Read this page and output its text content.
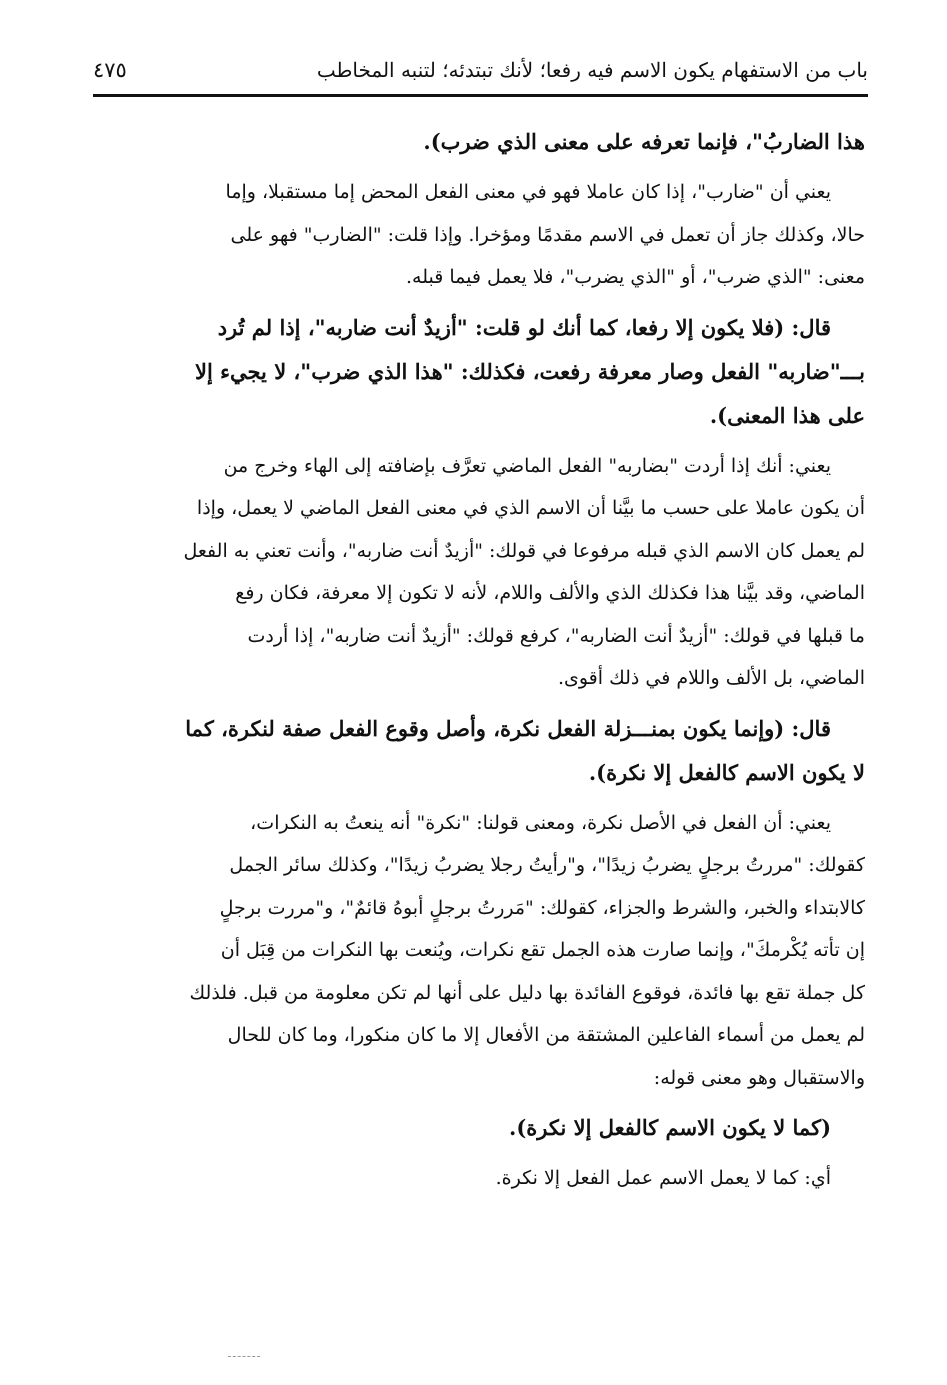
باب من الاستفهام يكون الاسم فيه رفعا؛ لأنك تبتدئه؛ لتنبه المخاطب
٤٧٥
هذا الضاربُ"، فإنما تعرفه على معنى الذي ضرب).
يعني أن "ضارب"، إذا كان عاملا فهو في معنى الفعل المحض إما مستقبلا، وإما
حالا، وكذلك جاز أن تعمل في الاسم مقدمًا ومؤخرا. وإذا قلت: "الضارب" فهو على
معنى: "الذي ضرب"، أو "الذي يضرب"، فلا يعمل فيما قبله.
قال: (فلا يكون إلا رفعا، كما أنك لو قلت: "أزيدٌ أنت ضاربه"، إذا لم تُرد
بـــ"ضاربه" الفعل وصار معرفة رفعت، فكذلك: "هذا الذي ضرب"، لا يجيء إلا
على هذا المعنى).
يعني: أنك إذا أردت "بضاربه" الفعل الماضي تعرَّف بإضافته إلى الهاء وخرج من
أن يكون عاملا على حسب ما بيَّنا أن الاسم الذي في معنى الفعل الماضي لا يعمل، وإذا
لم يعمل كان الاسم الذي قبله مرفوعا في قولك: "أزيدٌ أنت ضاربه"، وأنت تعني به الفعل
الماضي، وقد بيَّنا هذا فكذلك الذي والألف واللام، لأنه لا تكون إلا معرفة، فكان رفع
ما قبلها في قولك: "أزيدٌ أنت الضاربه"، كرفع قولك: "أزيدٌ أنت ضاربه"، إذا أردت
الماضي، بل الألف واللام في ذلك أقوى.
قال: (وإنما يكون بمنـــزلة الفعل نكرة، وأصل وقوع الفعل صفة لنكرة، كما
لا يكون الاسم كالفعل إلا نكرة).
يعني: أن الفعل في الأصل نكرة، ومعنى قولنا: "نكرة" أنه ينعتُ به النكرات،
كقولك: "مررتُ برجلٍ يضربُ زيدًا"، و"رأيتُ رجلا يضربُ زيدًا"، وكذلك سائر الجمل
كالابتداء والخبر، والشرط والجزاء، كقولك: "مَررتُ برجلٍ أبوهُ قائمٌ"، و"مررت برجلٍ
إن تأته يُكْرمكَ"، وإنما صارت هذه الجمل تقع نكرات، ويُنعت بها النكرات من قِبَل أن
كل جملة تقع بها فائدة، فوقوع الفائدة بها دليل على أنها لم تكن معلومة من قبل. فلذلك
لم يعمل من أسماء الفاعلين المشتقة من الأفعال إلا ما كان منكورا، وما كان للحال
والاستقبال وهو معنى قوله:
(كما لا يكون الاسم كالفعل إلا نكرة).
أي: كما لا يعمل الاسم عمل الفعل إلا نكرة.
